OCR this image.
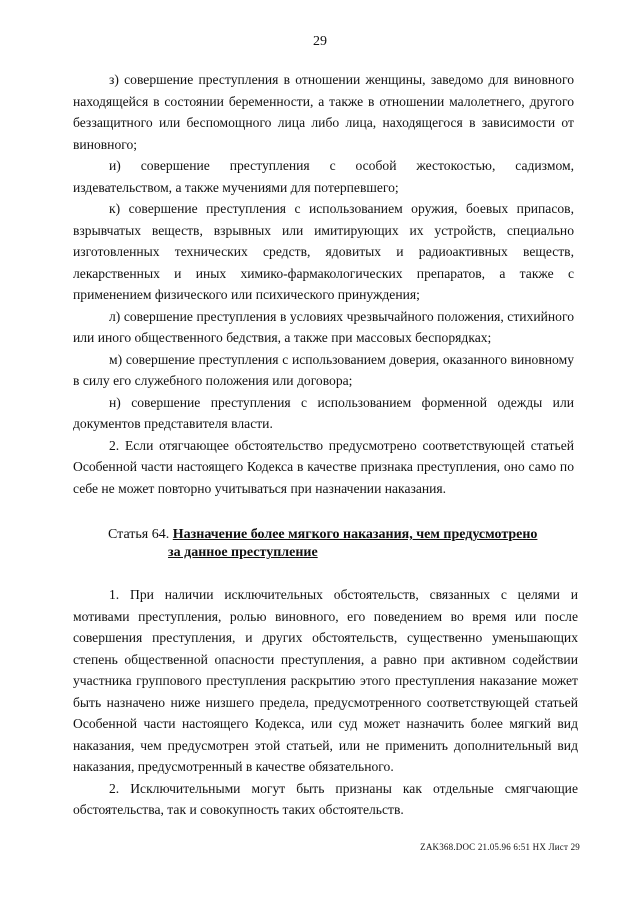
29

з) совершение преступления в отношении женщины, заведомо для виновного находящейся в состоянии беременности, а также в отношении малолетнего, другого беззащитного или беспомощного лица либо лица, находящегося в зависимости от виновного;

и) совершение преступления с особой жестокостью, садизмом, издевательством, а также мучениями для потерпевшего;

к) совершение преступления с использованием оружия, боевых припасов, взрывчатых веществ, взрывных или имитирующих их устройств, специально изготовленных технических средств, ядовитых и радиоактивных веществ, лекарственных и иных химико-фармакологических препаратов, а также с применением физического или психического принуждения;

л) совершение преступления в условиях чрезвычайного положения, стихийного или иного общественного бедствия, а также при массовых беспорядках;

м) совершение преступления с использованием доверия, оказанного виновному в силу его служебного положения или договора;

н) совершение преступления с использованием форменной одежды или документов представителя власти.

2. Если отягчающее обстоятельство предусмотрено соответствующей статьей Особенной части настоящего Кодекса в качестве признака преступления, оно само по себе не может повторно учитываться при назначении наказания.

Статья 64. Назначение более мягкого наказания, чем предусмотрено
за данное преступление

1. При наличии исключительных обстоятельств, связанных с целями и мотивами преступления, ролью виновного, его поведением во время или после совершения преступления, и других обстоятельств, существенно уменьшающих степень общественной опасности преступления, а равно при активном содействии участника группового преступления раскрытию этого преступления наказание может быть назначено ниже низшего предела, предусмотренного соответствующей статьей Особенной части настоящего Кодекса, или суд может назначить более мягкий вид наказания, чем предусмотрен этой статьей, или не применить дополнительный вид наказания, предусмотренный в качестве обязательного.

2. Исключительными могут быть признаны как отдельные смягчающие обстоятельства, так и совокупность таких обстоятельств.

ZAK368.DOC 21.05.96 6:51 НХ Лист 29
